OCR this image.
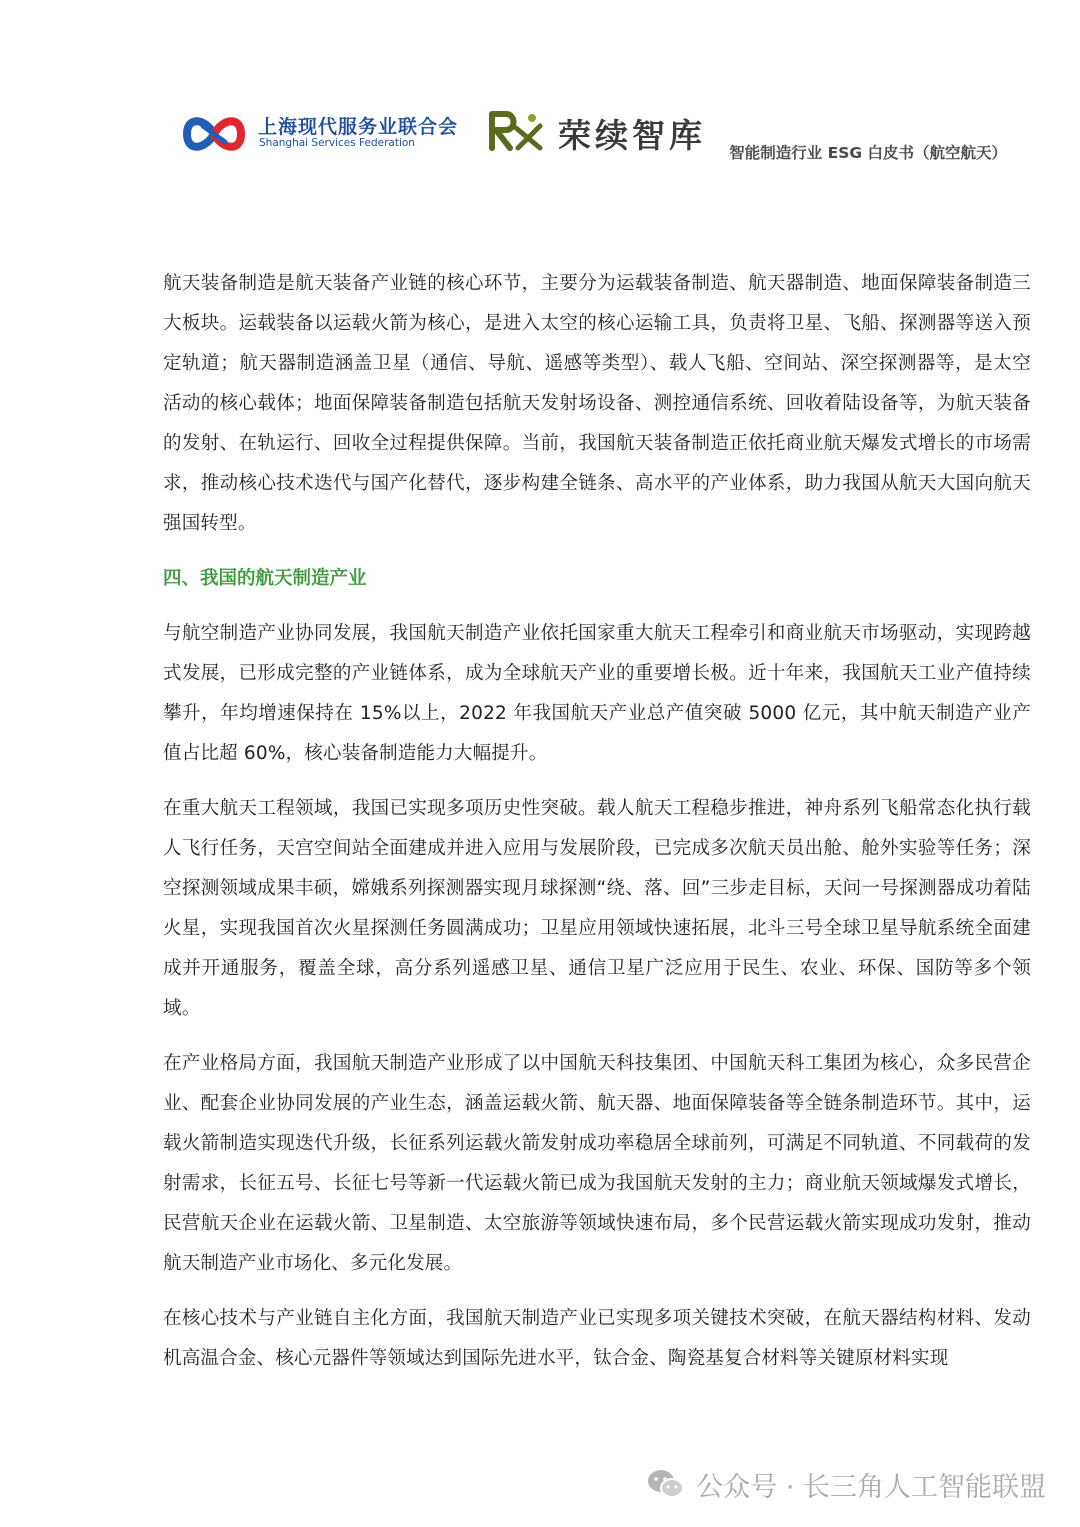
上海现代服务业联合会
Shanghai Services Federation	荣续智库 智能制造行业 ESG 白皮书（航空航天）

航天装备制造是航天装备产业链的核心环节，主要分为运载装备制造、航天器制造、地面保障装备制造三大板块。运载装备以运载火箭为核心，是进入太空的核心运输工具，负责将卫星、飞船、探测器等送入预定轨道；航天器制造涵盖卫星（通信、导航、遥感等类型）、载人飞船、空间站、深空探测器等，是太空活动的核心载体；地面保障装备制造包括航天发射场设备、测控通信系统、回收着陆设备等，为航天装备的发射、在轨运行、回收全过程提供保障。当前，我国航天装备制造正依托商业航天爆发式增长的市场需求，推动核心技术迭代与国产化替代，逐步构建全链条、高水平的产业体系，助力我国从航天大国向航天强国转型。

四、我国的航天制造产业

与航空制造产业协同发展，我国航天制造产业依托国家重大航天工程牵引和商业航天市场驱动，实现跨越式发展，已形成完整的产业链体系，成为全球航天产业的重要增长极。近十年来，我国航天工业产值持续攀升，年均增速保持在 15%以上，2022 年我国航天产业总产值突破 5000 亿元，其中航天制造产业产值占比超 60%，核心装备制造能力大幅提升。

在重大航天工程领域，我国已实现多项历史性突破。载人航天工程稳步推进，神舟系列飞船常态化执行载人飞行任务，天宫空间站全面建成并进入应用与发展阶段，已完成多次航天员出舱、舱外实验等任务；深空探测领域成果丰硕，嫦娥系列探测器实现月球探测“绕、落、回”三步走目标，天问一号探测器成功着陆火星，实现我国首次火星探测任务圆满成功；卫星应用领域快速拓展，北斗三号全球卫星导航系统全面建成并开通服务，覆盖全球，高分系列遥感卫星、通信卫星广泛应用于民生、农业、环保、国防等多个领域。

在产业格局方面，我国航天制造产业形成了以中国航天科技集团、中国航天科工集团为核心，众多民营企业、配套企业协同发展的产业生态，涵盖运载火箭、航天器、地面保障装备等全链条制造环节。其中，运载火箭制造实现迭代升级，长征系列运载火箭发射成功率稳居全球前列，可满足不同轨道、不同载荷的发射需求，长征五号、长征七号等新一代运载火箭已成为我国航天发射的主力；商业航天领域爆发式增长，民营航天企业在运载火箭、卫星制造、太空旅游等领域快速布局，多个民营运载火箭实现成功发射，推动航天制造产业市场化、多元化发展。

在核心技术与产业链自主化方面，我国航天制造产业已实现多项关键技术突破，在航天器结构材料、发动机高温合金、核心元器件等领域达到国际先进水平，钛合金、陶瓷基复合材料等关键原材料实现

公众号 · 长三角人工智能联盟
